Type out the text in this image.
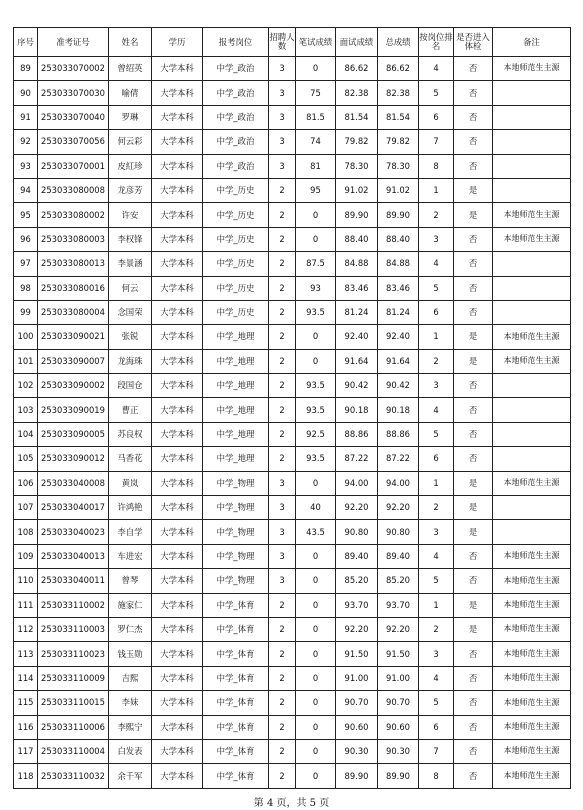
序号	准考证号	姓名	学历	报考岗位	招聘人数	笔试成绩	面试成绩	总成绩	按岗位排名	是否进入体检	备注
89	253033070002	曾绍英	大学本科	中学_政治	3	0	86.62	86.62	4	否	本地师范生主源
90	253033070030	喻倩	大学本科	中学_政治	3	75	82.38	82.38	5	否	
91	253033070040	罗琳	大学本科	中学_政治	3	81.5	81.54	81.54	6	否	
92	253033070056	何云彩	大学本科	中学_政治	3	74	79.82	79.82	7	否	
93	253033070001	皮紅珍	大学本科	中学_政治	3	81	78.30	78.30	8	否	
94	253033080008	龙彦芳	大学本科	中学_历史	2	95	91.02	91.02	1	是	
95	253033080002	许安	大学本科	中学_历史	2	0	89.90	89.90	2	是	本地师范生主源
96	253033080003	李权锋	大学本科	中学_历史	2	0	88.40	88.40	3	否	本地师范生主源
97	253033080013	李景涵	大学本科	中学_历史	2	87.5	84.88	84.88	4	否	
98	253033080016	何云	大学本科	中学_历史	2	93	83.46	83.46	5	否	
99	253033080004	念国荣	大学本科	中学_历史	2	93.5	81.24	81.24	6	否	
100	253033090021	张锐	大学本科	中学_地理	2	0	92.40	92.40	1	是	本地师范生主源
101	253033090007	龙海珠	大学本科	中学_地理	2	0	91.64	91.64	2	是	本地师范生主源
102	253033090002	段国仓	大学本科	中学_地理	2	93.5	90.42	90.42	3	否	
103	253033090019	曹正	大学本科	中学_地理	2	93.5	90.18	90.18	4	否	
104	253033090005	苏良权	大学本科	中学_地理	2	92.5	88.86	88.86	5	否	
105	253033090012	马香花	大学本科	中学_地理	2	93.5	87.22	87.22	6	否	
106	253033040008	黄岚	大学本科	中学_物理	3	0	94.00	94.00	1	是	本地师范生主源
107	253033040017	许鸿艳	大学本科	中学_物理	3	40	92.20	92.20	2	是	
108	253033040023	李自学	大学本科	中学_物理	3	43.5	90.80	90.80	3	是	
109	253033040013	车进宏	大学本科	中学_物理	3	0	89.40	89.40	4	否	本地师范生主源
110	253033040011	曾琴	大学本科	中学_物理	3	0	85.20	85.20	5	否	本地师范生主源
111	253033110002	施家仁	大学本科	中学_体育	2	0	93.70	93.70	1	是	本地师范生主源
112	253033110003	罗仁杰	大学本科	中学_体育	2	0	92.20	92.20	2	是	本地师范生主源
113	253033110023	钱玉勋	大学本科	中学_体育	2	0	91.50	91.50	3	否	本地师范生主源
114	253033110009	吉熙	大学本科	中学_体育	2	0	91.00	91.00	4	否	本地师范生主源
115	253033110015	李妹	大学本科	中学_体育	2	0	90.70	90.70	5	否	本地师范生主源
116	253033110006	李熙宁	大学本科	中学_体育	2	0	90.60	90.60	6	否	本地师范生主源
117	253033110004	白发表	大学本科	中学_体育	2	0	90.30	90.30	7	否	本地师范生主源
118	253033110032	余千军	大学本科	中学_体育	2	0	89.90	89.90	8	否	本地师范生主源
第 4 页，共 5 页
